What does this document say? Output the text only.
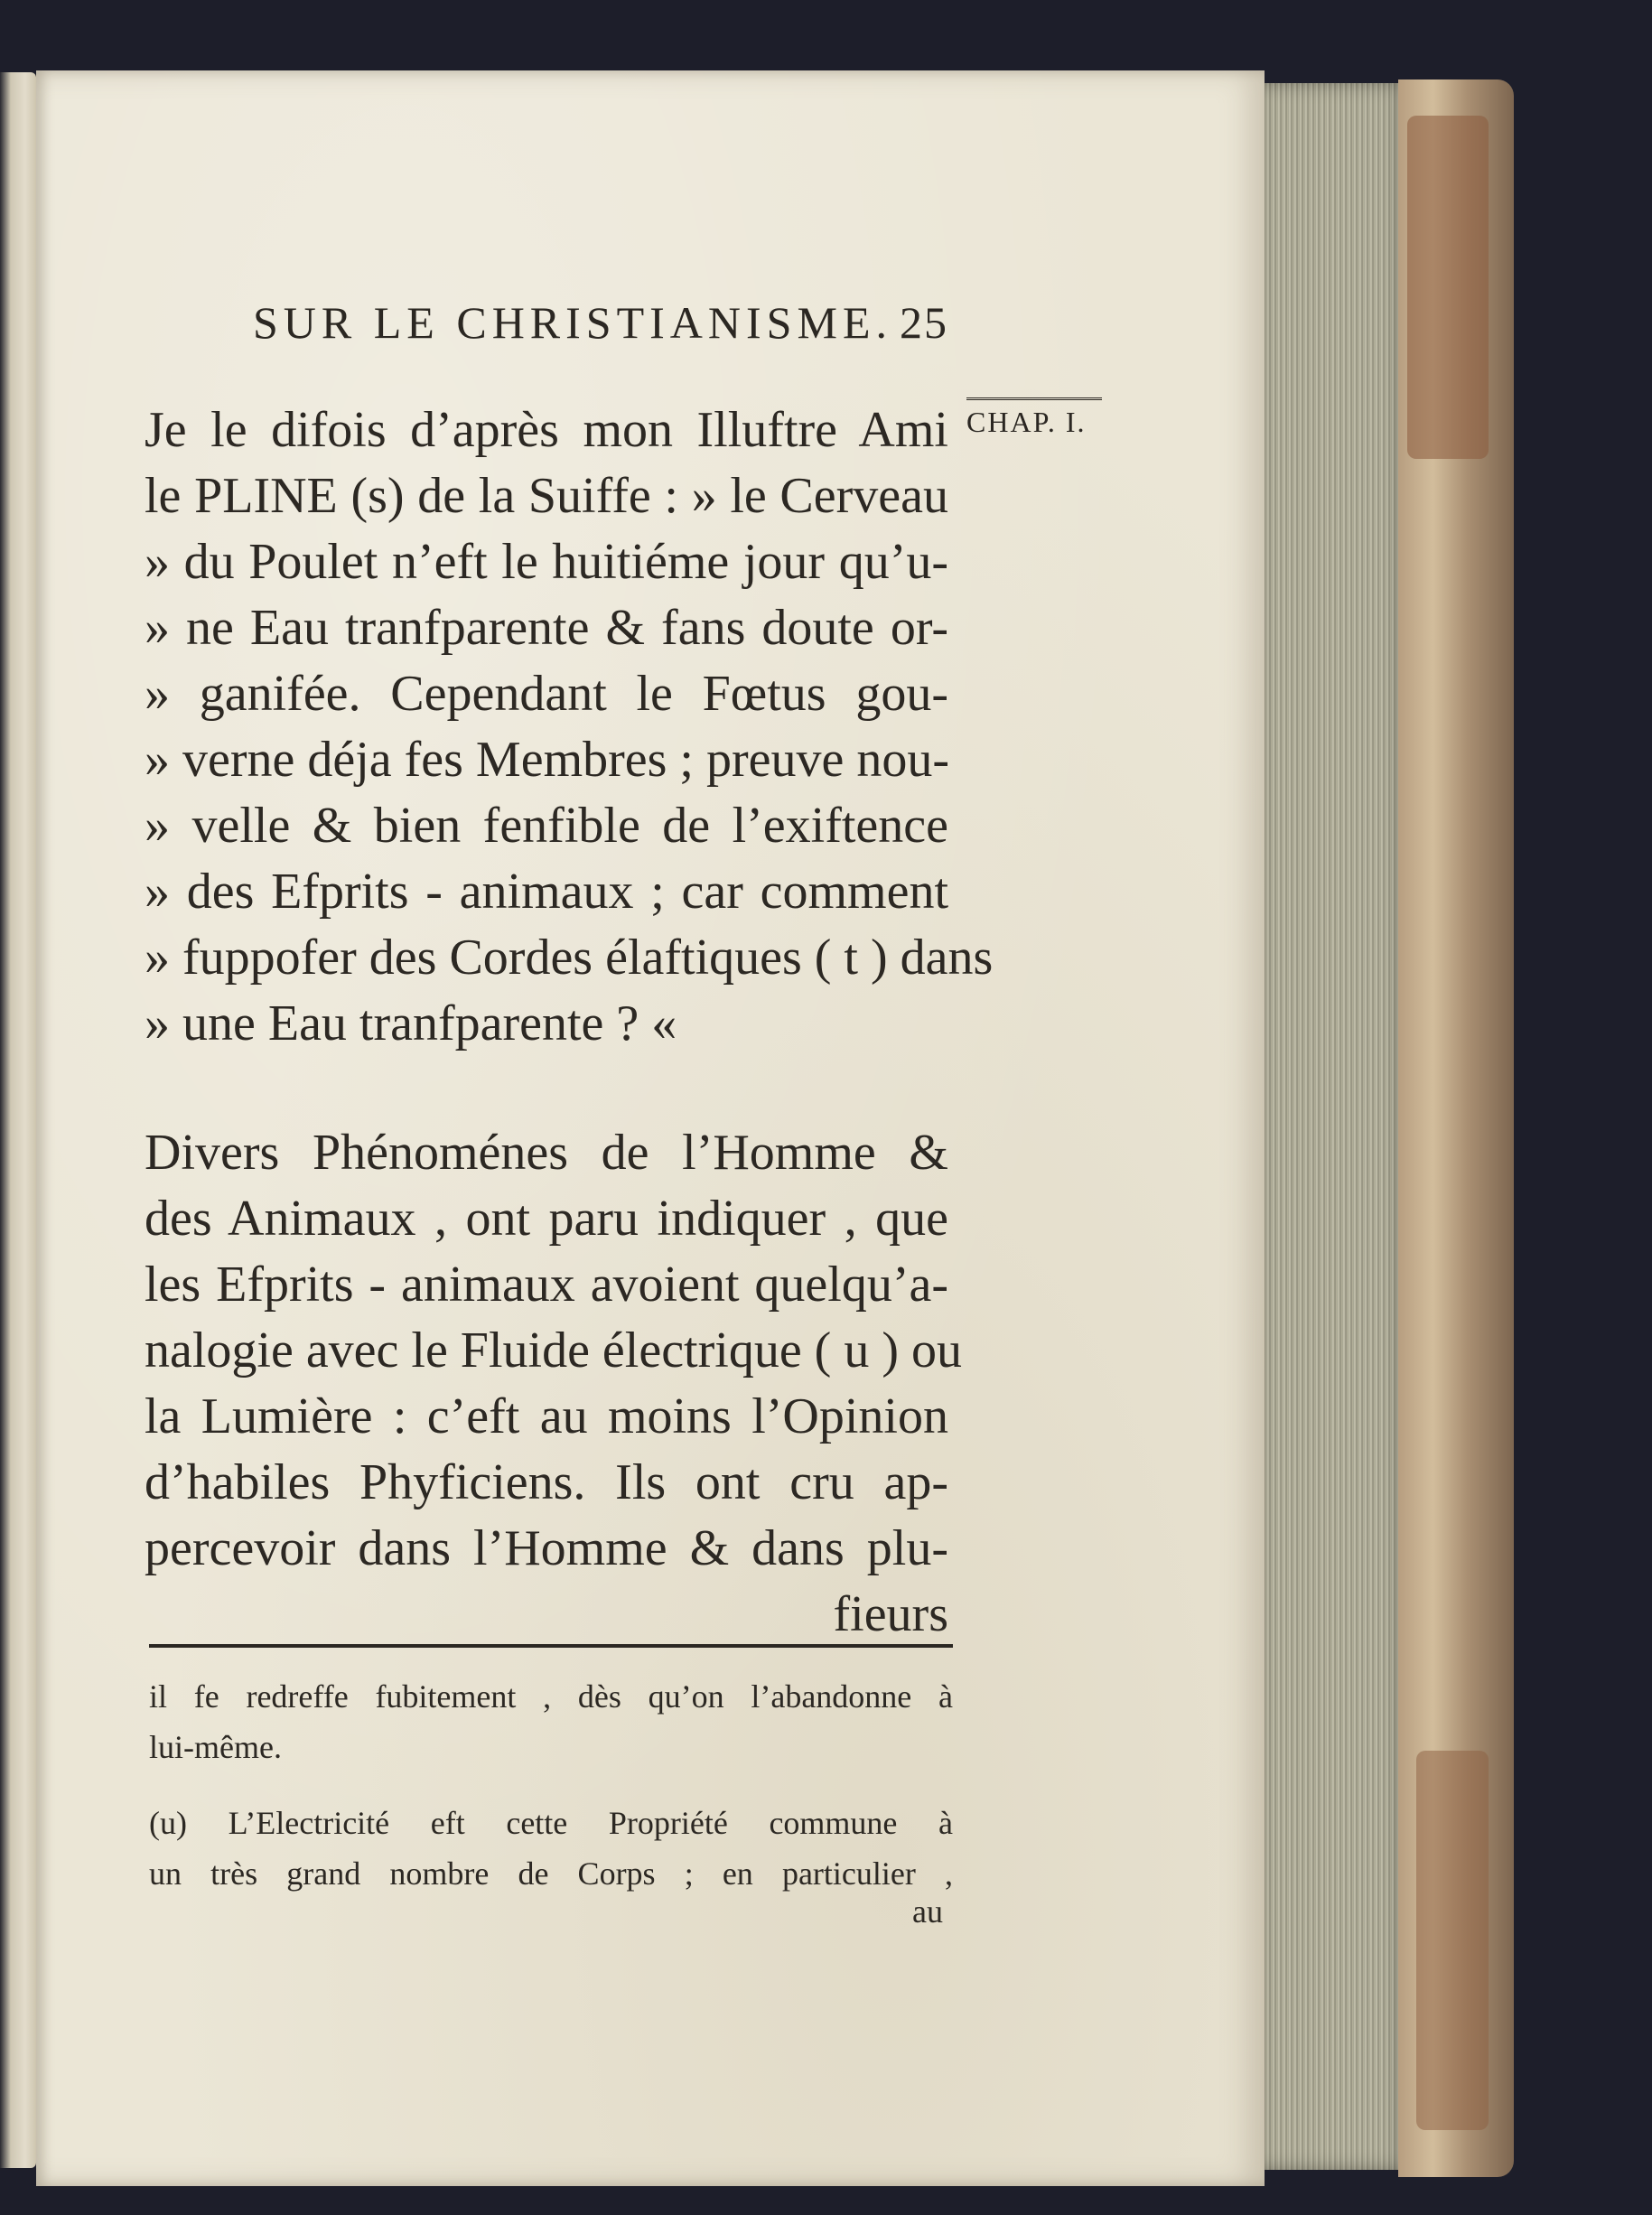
SUR LE CHRISTIANISME. 25
CHAP. I.
Je le difois d’après mon Illuftre Ami
le PLINE (s) de la Suiffe : » le Cerveau
» du Poulet n’eft le huitiéme jour qu’u-
» ne Eau tranfparente & fans doute or-
» ganifée. Cependant le Fœtus gou-
» verne déja fes Membres ; preuve nou-
» velle & bien fenfible de l’exiftence
» des Efprits - animaux ; car comment
» fuppofer des Cordes élaftiques ( t ) dans
» une Eau tranfparente ? «
Divers Phénoménes de l’Homme &
des Animaux , ont paru indiquer , que
les Efprits - animaux avoient quelqu’a-
nalogie avec le Fluide électrique ( u ) ou
la Lumière : c’eft au moins l’Opinion
d’habiles Phyficiens. Ils ont cru ap-
percevoir dans l’Homme & dans plu-
fieurs
il fe redreffe fubitement , dès qu’on l’abandonne à
lui-même.
(u) L’Electricité eft cette Propriété commune à
un très grand nombre de Corps ; en particulier ,
au
